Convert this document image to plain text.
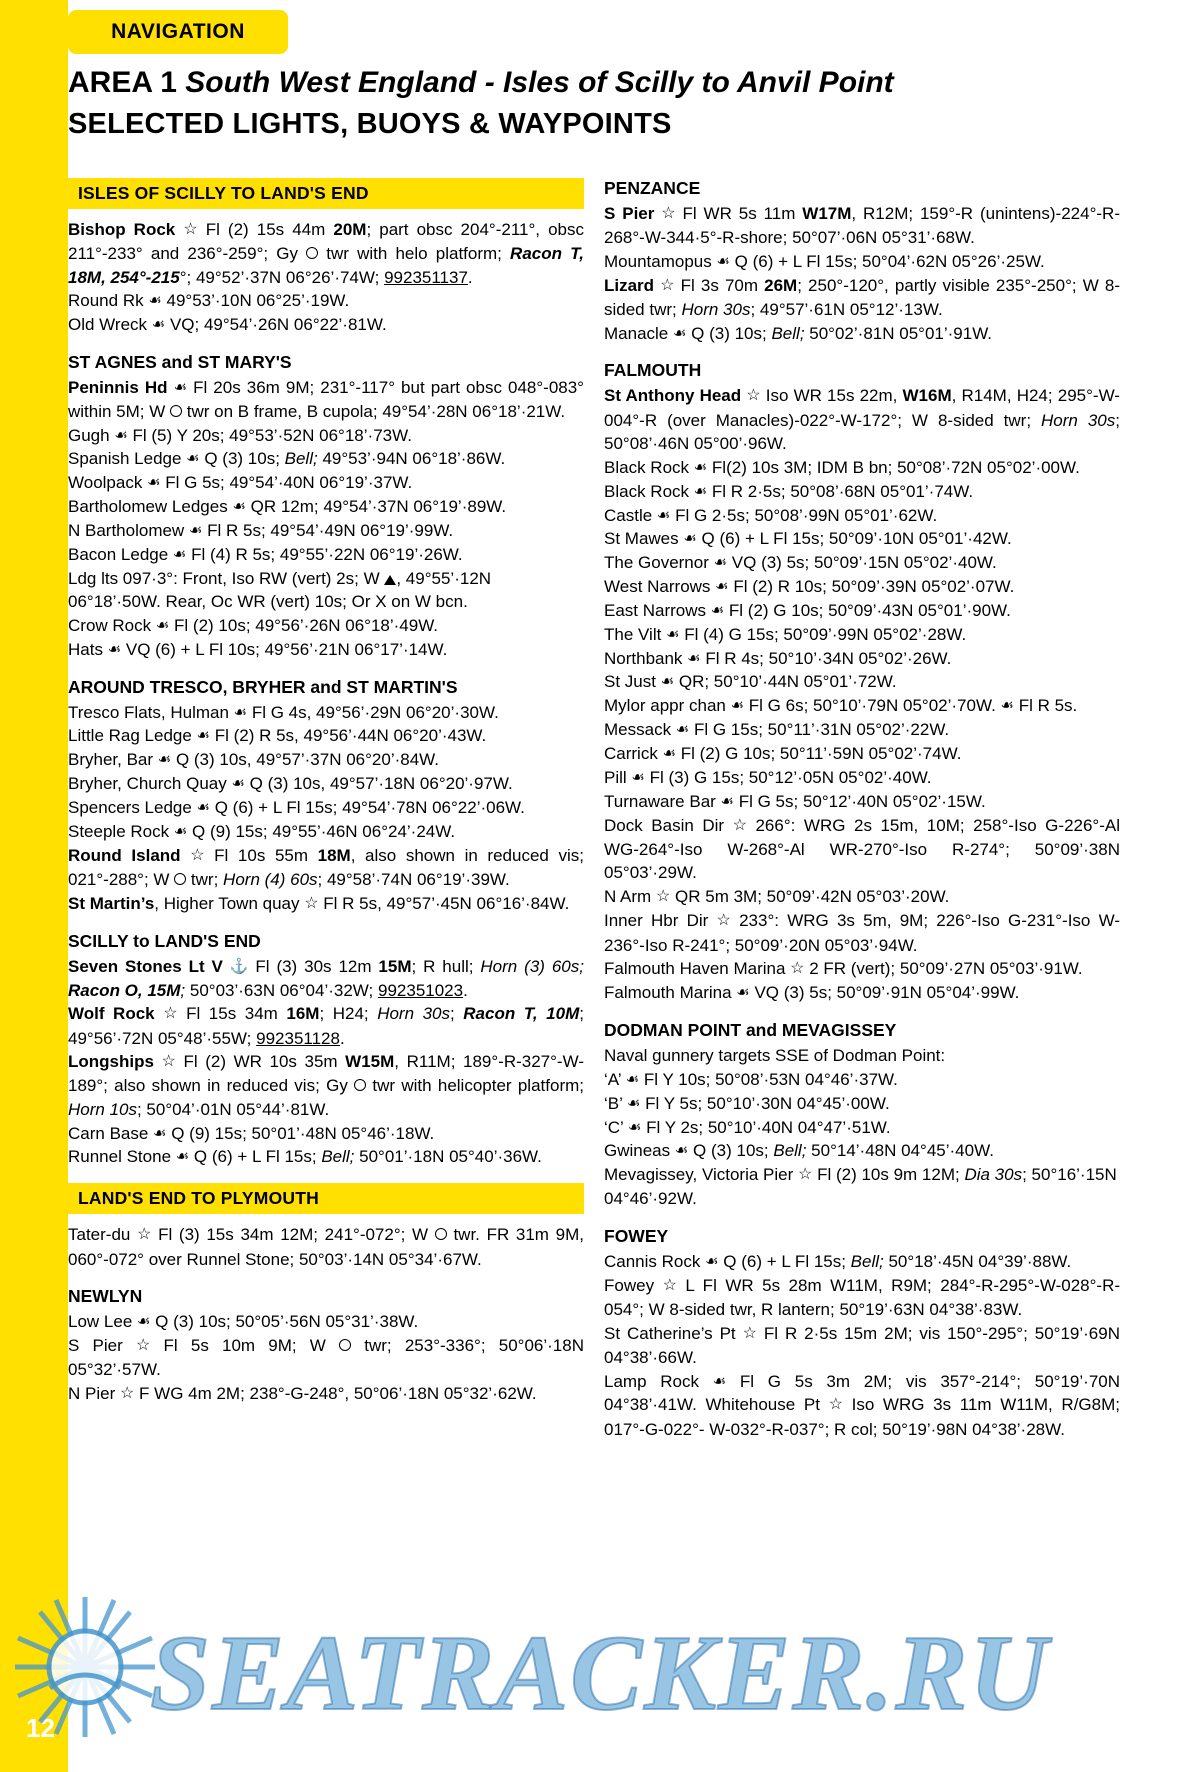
NAVIGATION
AREA 1 South West England - Isles of Scilly to Anvil Point
SELECTED LIGHTS, BUOYS & WAYPOINTS
ISLES OF SCILLY TO LAND'S END

Bishop Rock ☆ Fl (2) 15s 44m 20M; part obsc 204°-211°, obsc 211°-233° and 236°-259°; Gy  twr with helo platform; Racon T, 18M, 254°-215°; 49°52’·37N 06°26’·74W; 992351137.

Round Rk ☙ 49°53’·10N 06°25’·19W.

Old Wreck ☙ VQ; 49°54’·26N 06°22’·81W.

ST AGNES and ST MARY'S

Peninnis Hd ☙ Fl 20s 36m 9M; 231°-117° but part obsc 048°-083° within 5M; W  twr on B frame, B cupola; 49°54’·28N 06°18’·21W.

Gugh ☙ Fl (5) Y 20s; 49°53’·52N 06°18’·73W.

Spanish Ledge ☙ Q (3) 10s; Bell; 49°53’·94N 06°18’·86W.

Woolpack ☙ Fl G 5s; 49°54’·40N 06°19’·37W.

Bartholomew Ledges ☙ QR 12m; 49°54’·37N 06°19’·89W.

N Bartholomew ☙ Fl R 5s; 49°54’·49N 06°19’·99W.

Bacon Ledge ☙ Fl (4) R 5s; 49°55’·22N 06°19’·26W.

Ldg lts 097·3°: Front, Iso RW (vert) 2s; W , 49°55’·12N 06°18’·50W. Rear, Oc WR (vert) 10s; Or X on W bcn.

Crow Rock ☙ Fl (2) 10s; 49°56’·26N 06°18’·49W.

Hats ☙ VQ (6) + L Fl 10s; 49°56’·21N 06°17’·14W.

AROUND TRESCO, BRYHER and ST MARTIN'S

Tresco Flats, Hulman ☙ Fl G 4s, 49°56’·29N 06°20’·30W.

Little Rag Ledge ☙ Fl (2) R 5s, 49°56’·44N 06°20’·43W.

Bryher, Bar ☙ Q (3) 10s, 49°57’·37N 06°20’·84W.

Bryher, Church Quay ☙ Q (3) 10s, 49°57’·18N 06°20’·97W.

Spencers Ledge ☙ Q (6) + L Fl 15s; 49°54’·78N 06°22’·06W.

Steeple Rock ☙ Q (9) 15s; 49°55’·46N 06°24’·24W.

Round Island ☆ Fl 10s 55m 18M, also shown in reduced vis; 021°-288°; W  twr; Horn (4) 60s; 49°58’·74N 06°19’·39W.

St Martin’s, Higher Town quay ☆ Fl R 5s, 49°57’·45N 06°16’·84W.

SCILLY to LAND'S END

Seven Stones Lt V ⚓ Fl (3) 30s 12m 15M; R hull; Horn (3) 60s; Racon O, 15M; 50°03’·63N 06°04’·32W; 992351023.

Wolf Rock ☆ Fl 15s 34m 16M; H24; Horn 30s; Racon T, 10M; 49°56’·72N 05°48’·55W; 992351128.

Longships ☆ Fl (2) WR 10s 35m W15M, R11M; 189°-R-327°-W- 189°; also shown in reduced vis; Gy  twr with helicopter platform; Horn 10s; 50°04’·01N 05°44’·81W.

Carn Base ☙ Q (9) 15s; 50°01’·48N 05°46’·18W.

Runnel Stone ☙ Q (6) + L Fl 15s; Bell; 50°01’·18N 05°40’·36W.

LAND'S END TO PLYMOUTH

Tater-du ☆ Fl (3) 15s 34m 12M; 241°-072°; W  twr. FR 31m 9M, 060°-072° over Runnel Stone; 50°03’·14N 05°34’·67W.

NEWLYN

Low Lee ☙ Q (3) 10s; 50°05’·56N 05°31’·38W.

S Pier ☆ Fl 5s 10m 9M; W  twr; 253°-336°; 50°06’·18N 05°32’·57W.

N Pier ☆ F WG 4m 2M; 238°-G-248°, 50°06’·18N 05°32’·62W.

PENZANCE

S Pier ☆ Fl WR 5s 11m W17M, R12M; 159°-R (unintens)-224°-R-268°-W-344·5°-R-shore; 50°07’·06N 05°31’·68W.

Mountamopus ☙ Q (6) + L Fl 15s; 50°04’·62N 05°26’·25W.

Lizard ☆ Fl 3s 70m 26M; 250°-120°, partly visible 235°-250°; W 8-sided twr; Horn 30s; 49°57’·61N 05°12’·13W.

Manacle ☙ Q (3) 10s; Bell; 50°02’·81N 05°01’·91W.

FALMOUTH

St Anthony Head ☆ Iso WR 15s 22m, W16M, R14M, H24; 295°-W-004°-R (over Manacles)-022°-W-172°; W 8-sided twr; Horn 30s; 50°08’·46N 05°00’·96W.

Black Rock ☙ Fl(2) 10s 3M; IDM B bn; 50°08’·72N 05°02’·00W.

Black Rock ☙ Fl R 2·5s; 50°08’·68N 05°01’·74W.

Castle ☙ Fl G 2·5s; 50°08’·99N 05°01’·62W.

St Mawes ☙ Q (6) + L Fl 15s; 50°09’·10N 05°01’·42W.

The Governor ☙ VQ (3) 5s; 50°09’·15N 05°02’·40W.

West Narrows ☙ Fl (2) R 10s; 50°09’·39N 05°02’·07W.

East Narrows ☙ Fl (2) G 10s; 50°09’·43N 05°01’·90W.

The Vilt ☙ Fl (4) G 15s; 50°09’·99N 05°02’·28W.

Northbank ☙ Fl R 4s; 50°10’·34N 05°02’·26W.

St Just ☙ QR; 50°10’·44N 05°01’·72W.

Mylor appr chan ☙ Fl G 6s; 50°10’·79N 05°02’·70W. ☙ Fl R 5s.

Messack ☙ Fl G 15s; 50°11’·31N 05°02’·22W.

Carrick ☙ Fl (2) G 10s; 50°11’·59N 05°02’·74W.

Pill ☙ Fl (3) G 15s; 50°12’·05N 05°02’·40W.

Turnaware Bar ☙ Fl G 5s; 50°12’·40N 05°02’·15W.

Dock Basin Dir ☆ 266°: WRG 2s 15m, 10M; 258°-Iso G-226°-Al WG-264°-Iso W-268°-Al WR-270°-Iso R-274°; 50°09’·38N 05°03’·29W.

N Arm ☆ QR 5m 3M; 50°09’·42N 05°03’·20W.

Inner Hbr Dir ☆ 233°: WRG 3s 5m, 9M; 226°-Iso G-231°-Iso W-236°-Iso R-241°; 50°09’·20N 05°03’·94W.

Falmouth Haven Marina ☆ 2 FR (vert); 50°09’·27N 05°03’·91W.

Falmouth Marina ☙ VQ (3) 5s; 50°09’·91N 05°04’·99W.

DODMAN POINT and MEVAGISSEY

Naval gunnery targets SSE of Dodman Point:

‘A’ ☙ Fl Y 10s; 50°08’·53N 04°46’·37W.

‘B’ ☙ Fl Y 5s; 50°10’·30N 04°45’·00W.

‘C’ ☙ Fl Y 2s; 50°10’·40N 04°47’·51W.

Gwineas ☙ Q (3) 10s; Bell; 50°14’·48N 04°45’·40W.

Mevagissey, Victoria Pier ☆ Fl (2) 10s 9m 12M; Dia 30s; 50°16’·15N 04°46’·92W.

FOWEY

Cannis Rock ☙ Q (6) + L Fl 15s; Bell; 50°18’·45N 04°39’·88W.

Fowey ☆ L Fl WR 5s 28m W11M, R9M; 284°-R-295°-W-028°-R-054°; W 8-sided twr, R lantern; 50°19’·63N 04°38’·83W.

St Catherine’s Pt ☆ Fl R 2·5s 15m 2M; vis 150°-295°; 50°19’·69N 04°38’·66W.

Lamp Rock ☙ Fl G 5s 3m 2M; vis 357°-214°; 50°19’·70N 04°38’·41W. Whitehouse Pt ☆ Iso WRG 3s 11m W11M, R/G8M; 017°-G-022°- W-032°-R-037°; R col; 50°19’·98N 04°38’·28W.

12 SEATRACKER.RU
